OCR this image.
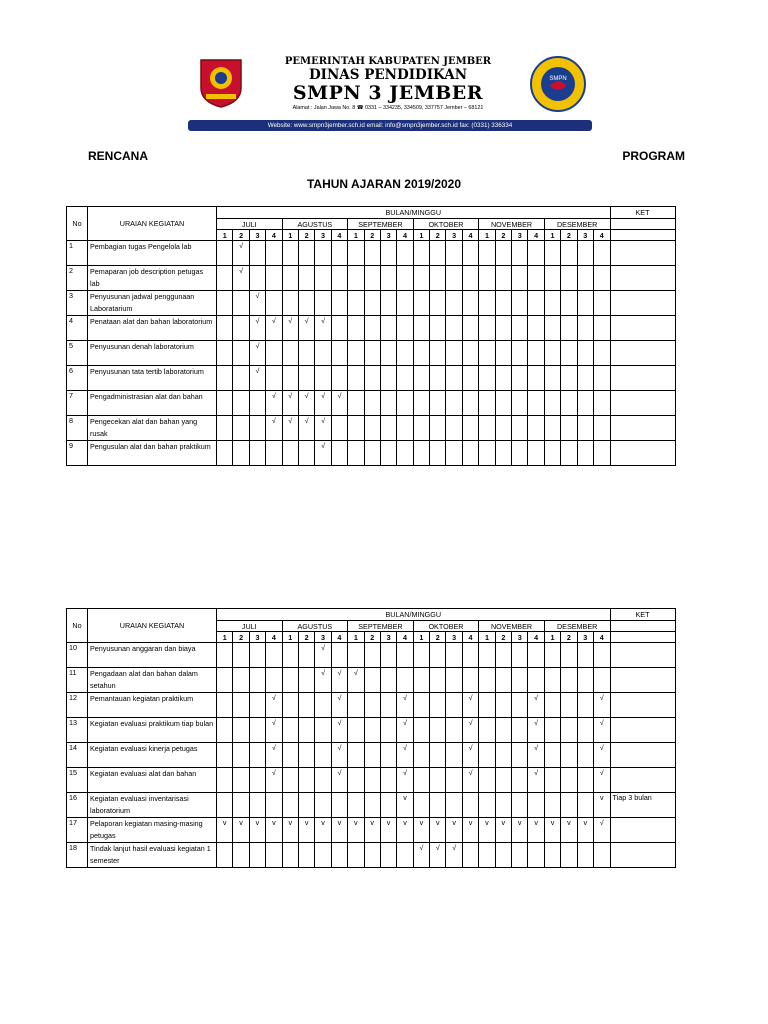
PEMERINTAH KABUPATEN JEMBER
DINAS PENDIDIKAN
SMPN 3 JEMBER
Alamat : Jalan Jawa No. 8 ☎ 0331 – 334235, 334509, 337757 Jember – 68121
SMPN
Website: www.smpn3jember.sch.id email: info@smpn3jember.sch.id fax: (0331) 336334
RENCANA	PROGRAM
TAHUN AJARAN 2019/2020
No	URAIAN KEGIATAN	BULAN/MINGGU																								KET
		JULI				AGUSTUS				SEPTEMBER				OKTOBER				NOVEMBER				DESEMBER				
		1	2	3	4	1	2	3	4	1	2	3	4	1	2	3	4	1	2	3	4	1	2	3	4	
1	Pembagian tugas Pengelola lab		√																							
2	Pemaparan job description petugas lab		√																							
3	Penyusunan jadwal penggunaan Laboratarium			√																						
4	Penataan alat dan bahan laboratorium			√	√	√	√	√																		
5	Penyusunan denah laboratorium			√																						
6	Penyusunan tata tertib laboratorium			√																						
7	Pengadministrasian alat dan bahan				√	√	√	√	√																	
8	Pengecekan alat dan bahan yang rusak				√	√	√	√																		
9	Pengusulan alat dan bahan praktikum							√																		
No	URAIAN KEGIATAN	BULAN/MINGGU																								KET
		JULI				AGUSTUS				SEPTEMBER				OKTOBER				NOVEMBER				DESEMBER				
		1	2	3	4	1	2	3	4	1	2	3	4	1	2	3	4	1	2	3	4	1	2	3	4	
10	Penyusunan anggaran dan biaya							√																		
11	Pengadaan alat dan bahan dalam setahun							√	√	√																
12	Pemantauan kegiatan praktikum				√				√				√				√				√				√	
13	Kegiatan evaluasi praktikum tiap bulan				√				√				√				√				√				√	
14	Kegiatan evaluasi kinerja petugas				√				√				√				√				√				√	
15	Kegiatan evaluasi alat dan bahan				√				√				√				√				√				√	
16	Kegiatan evaluasi inventarisasi laboratorium												v												v	Tiap 3 bulan
17	Pelaporan kegiatan masing-masing petugas	v	v	v	v	v	v	v	v	v	v	v	v	v	v	v	v	v	v	v	v	v	v	v	√	
18	Tindak lanjut hasil evaluasi kegiatan 1 semester													√	√	√										
